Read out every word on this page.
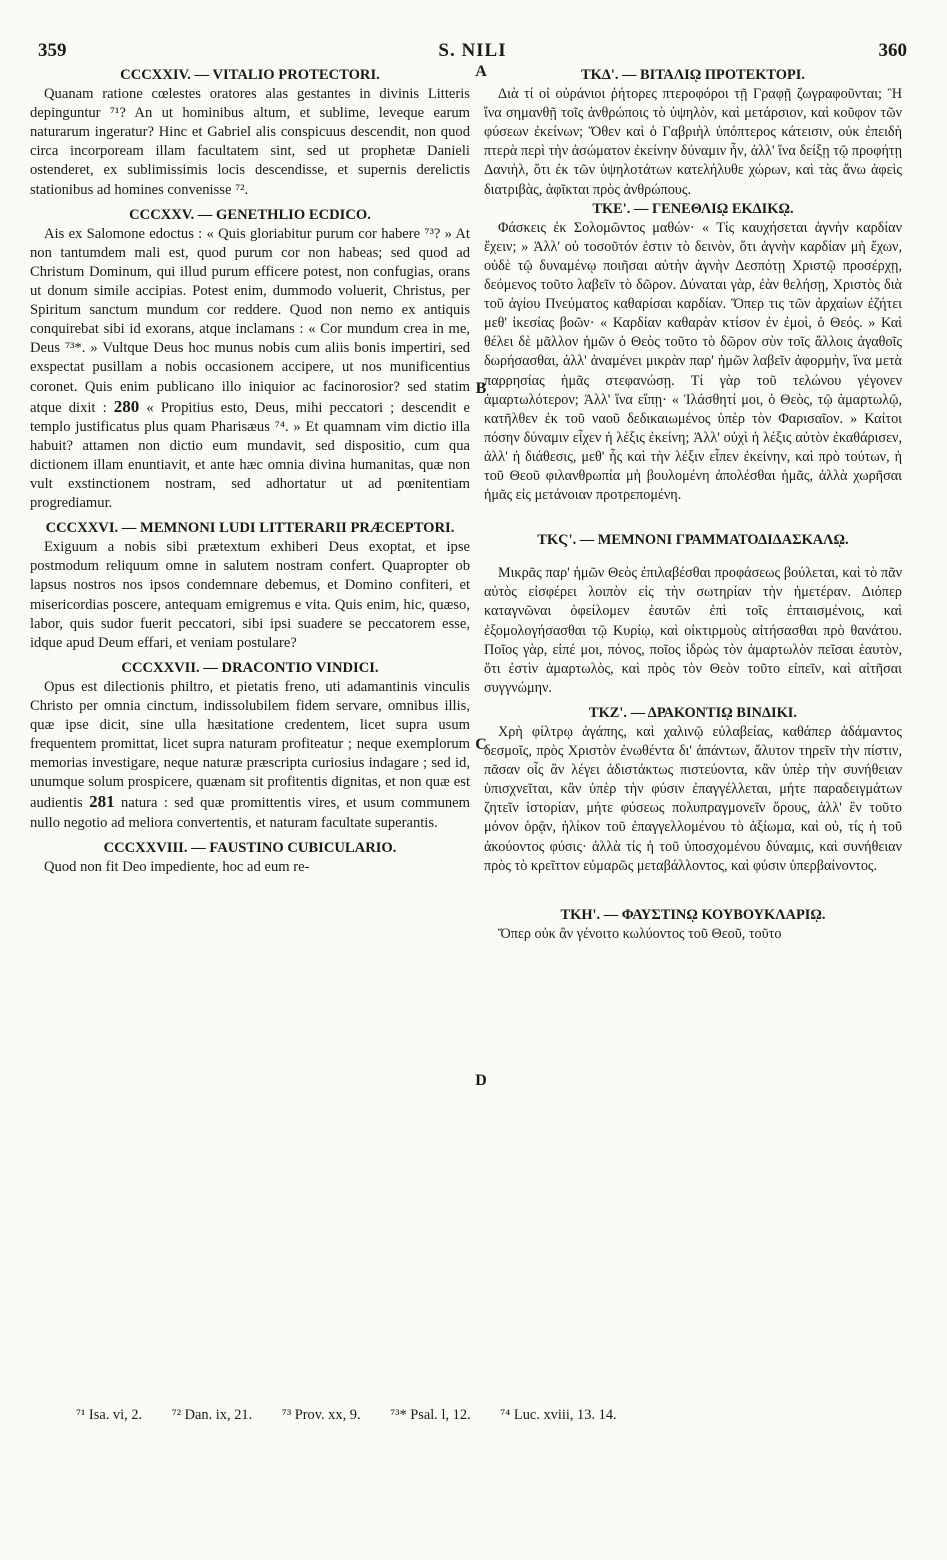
359	S. NILI	360
A
B
C
D

CCCXXIV. — VITALIO PROTECTORI.

Quanam ratione cœlestes oratores alas gestantes in divinis Litteris depinguntur ⁷¹? An ut hominibus altum, et sublime, leveque earum naturarum ingeratur? Hinc et Gabriel alis conspicuus descendit, non quod circa incorpoream illam facultatem sint, sed ut prophetæ Danieli ostenderet, ex sublimissimis locis descendisse, et supernis derelictis stationibus ad homines convenisse ⁷².

CCCXXV. — GENETHLIO ECDICO.

Ais ex Salomone edoctus : « Quis gloriabitur purum cor habere ⁷³? » At non tantumdem mali est, quod purum cor non habeas; sed quod ad Christum Dominum, qui illud purum efficere potest, non confugias, orans ut donum simile accipias. Potest enim, dummodo voluerit, Christus, per Spiritum sanctum mundum cor reddere. Quod non nemo ex antiquis conquirebat sibi id exorans, atque inclamans : « Cor mundum crea in me, Deus ⁷³*. » Vultque Deus hoc munus nobis cum aliis bonis impertiri, sed exspectat pusillam a nobis occasionem accipere, ut nos munificentius coronet. Quis enim publicano illo iniquior ac facinorosior? sed statim atque dixit : 280 « Propitius esto, Deus, mihi peccatori ; descendit e templo justificatus plus quam Pharisæus ⁷⁴. » Et quamnam vim dictio illa habuit? attamen non dictio eum mundavit, sed dispositio, cum qua dictionem illam enuntiavit, et ante hæc omnia divina humanitas, quæ non vult exstinctionem nostram, sed adhortatur ut ad pœnitentiam progrediamur.

CCCXXVI. — MEMNONI LUDI LITTERARII PRÆCEPTORI.

Exiguum a nobis sibi prætextum exhiberi Deus exoptat, et ipse postmodum reliquum omne in salutem nostram confert. Quapropter ob lapsus nostros nos ipsos condemnare debemus, et Domino confiteri, et misericordias poscere, antequam emigremus e vita. Quis enim, hic, quæso, labor, quis sudor fuerit peccatori, sibi ipsi suadere se peccatorem esse, idque apud Deum effari, et veniam postulare?

CCCXXVII. — DRACONTIO VINDICI.

Opus est dilectionis philtro, et pietatis freno, uti adamantinis vinculis Christo per omnia cinctum, indissolubilem fidem servare, omnibus illis, quæ ipse dicit, sine ulla hæsitatione credentem, licet supra usum frequentem promittat, licet supra naturam profiteatur ; neque exemplorum memorias investigare, neque naturæ præscripta curiosius indagare ; sed id, unumque solum prospicere, quænam sit profitentis dignitas, et non quæ est audientis 281 natura : sed quæ promittentis vires, et usum communem nullo negotio ad meliora convertentis, et naturam facultate superantis.

CCCXXVIII. — FAUSTINO CUBICULARIO.

Quod non fit Deo impediente, hoc ad eum re-

ΤΚΔ'. — ΒΙΤΑΛΙῼ ΠΡΟΤΕΚΤΟΡΙ.

Διὰ τί οἱ οὐράνιοι ῥήτορες πτεροφόροι τῇ Γραφῇ ζωγραφοῦνται; Ἢ ἵνα σημανθῇ τοῖς ἀνθρώποις τὸ ὑψηλὸν, καὶ μετάρσιον, καὶ κοῦφον τῶν φύσεων ἐκείνων; Ὅθεν καὶ ὁ Γαβριὴλ ὑπόπτερος κάτεισιν, οὐκ ἐπειδὴ πτερὰ περὶ τὴν ἀσώματον ἐκείνην δύναμιν ἦν, ἀλλ' ἵνα δείξῃ τῷ προφήτῃ Δανιὴλ, ὅτι ἐκ τῶν ὑψηλοτάτων κατελήλυθε χώρων, καὶ τὰς ἄνω ἀφεὶς διατριβὰς, ἀφῖκται πρὸς ἀνθρώπους.

ΤΚΕ'. — ΓΕΝΕΘΛΙῼ ΕΚΔΙΚῼ.

Φάσκεις ἐκ Σολομῶντος μαθών· « Τίς καυχήσεται ἁγνὴν καρδίαν ἔχειν; » Ἀλλ' οὐ τοσοῦτόν ἐστιν τὸ δεινὸν, ὅτι ἁγνὴν καρδίαν μὴ ἔχων, οὐδὲ τῷ δυναμένῳ ποιῆσαι αὐτὴν ἁγνὴν Δεσπότῃ Χριστῷ προσέρχῃ, δεόμενος τοῦτο λαβεῖν τὸ δῶρον. Δύναται γὰρ, ἐὰν θελήσῃ, Χριστὸς διὰ τοῦ ἁγίου Πνεύματος καθαρίσαι καρδίαν. Ὅπερ τις τῶν ἀρχαίων ἐζήτει μεθ' ἱκεσίας βοῶν· « Καρδίαν καθαρὰν κτίσον ἐν ἐμοὶ, ὁ Θεός. » Καὶ θέλει δὲ μᾶλλον ἡμῶν ὁ Θεὸς τοῦτο τὸ δῶρον σὺν τοῖς ἄλλοις ἀγαθοῖς δωρήσασθαι, ἀλλ' ἀναμένει μικρὰν παρ' ἡμῶν λαβεῖν ἀφορμὴν, ἵνα μετὰ παρρησίας ἡμᾶς στεφανώσῃ. Τί γὰρ τοῦ τελώνου γέγονεν ἁμαρτωλότερον; Ἀλλ' ἵνα εἴπῃ· « Ἱλάσθητί μοι, ὁ Θεὸς, τῷ ἁμαρτωλῷ, κατῆλθεν ἐκ τοῦ ναοῦ δεδικαιωμένος ὑπὲρ τὸν Φαρισαῖον. » Καίτοι πόσην δύναμιν εἶχεν ἡ λέξις ἐκείνη; Ἀλλ' οὐχὶ ἡ λέξις αὐτὸν ἐκαθάρισεν, ἀλλ' ἡ διάθεσις, μεθ' ἧς καὶ τὴν λέξιν εἶπεν ἐκείνην, καὶ πρὸ τούτων, ἡ τοῦ Θεοῦ φιλανθρωπία μὴ βουλομένη ἀπολέσθαι ἡμᾶς, ἀλλὰ χωρῆσαι ἡμᾶς εἰς μετάνοιαν προτρεπομένη.

ΤΚϚ'. — ΜΕΜΝΟΝΙ ΓΡΑΜΜΑΤΟΔΙΔΑΣΚΑΛῼ.

Μικρᾶς παρ' ἡμῶν Θεὸς ἐπιλαβέσθαι προφάσεως βούλεται, καὶ τὸ πᾶν αὐτὸς εἰσφέρει λοιπὸν εἰς τὴν σωτηρίαν τὴν ἡμετέραν. Διόπερ καταγνῶναι ὀφείλομεν ἑαυτῶν ἐπὶ τοῖς ἐπταισμένοις, καὶ ἐξομολογήσασθαι τῷ Κυρίῳ, καὶ οἰκτιρμοὺς αἰτήσασθαι πρὸ θανάτου. Ποῖος γὰρ, εἰπέ μοι, πόνος, ποῖος ἱδρὼς τὸν ἁμαρτωλὸν πεῖσαι ἑαυτὸν, ὅτι ἐστὶν ἁμαρτωλὸς, καὶ πρὸς τὸν Θεὸν τοῦτο εἰπεῖν, καὶ αἰτῆσαι συγγνώμην.

ΤΚΖ'. — ΔΡΑΚΟΝΤΙῼ ΒΙΝΔΙΚΙ.

Χρὴ φίλτρῳ ἀγάπης, καὶ χαλινῷ εὐλαβείας, καθάπερ ἀδάμαντος δεσμοῖς, πρὸς Χριστὸν ἐνωθέντα δι' ἁπάντων, ἄλυτον τηρεῖν τὴν πίστιν, πᾶσαν οἷς ἂν λέγει ἀδιστάκτως πιστεύοντα, κἂν ὑπὲρ τὴν συνήθειαν ὑπισχνεῖται, κἂν ὑπὲρ τὴν φύσιν ἐπαγγέλλεται, μήτε παραδειγμάτων ζητεῖν ἱστορίαν, μήτε φύσεως πολυπραγμονεῖν ὅρους, ἀλλ' ἓν τοῦτο μόνον ὁρᾷν, ἡλίκον τοῦ ἐπαγγελλομένου τὸ ἀξίωμα, καὶ οὐ, τίς ἡ τοῦ ἀκούοντος φύσις· ἀλλὰ τίς ἡ τοῦ ὑποσχομένου δύναμις, καὶ συνήθειαν πρὸς τὸ κρεῖττον εὐμαρῶς μεταβάλλοντος, καὶ φύσιν ὑπερβαίνοντος.

ΤΚΗ'. — ΦΑΥΣΤΙΝῼ ΚΟΥΒΟΥΚΛΑΡΙῼ.

Ὅπερ οὐκ ἂν γένοιτο κωλύοντος τοῦ Θεοῦ, τοῦτο

⁷¹ Isa. vi, 2. ⁷² Dan. ix, 21. ⁷³ Prov. xx, 9. ⁷³* Psal. l, 12. ⁷⁴ Luc. xviii, 13. 14.
